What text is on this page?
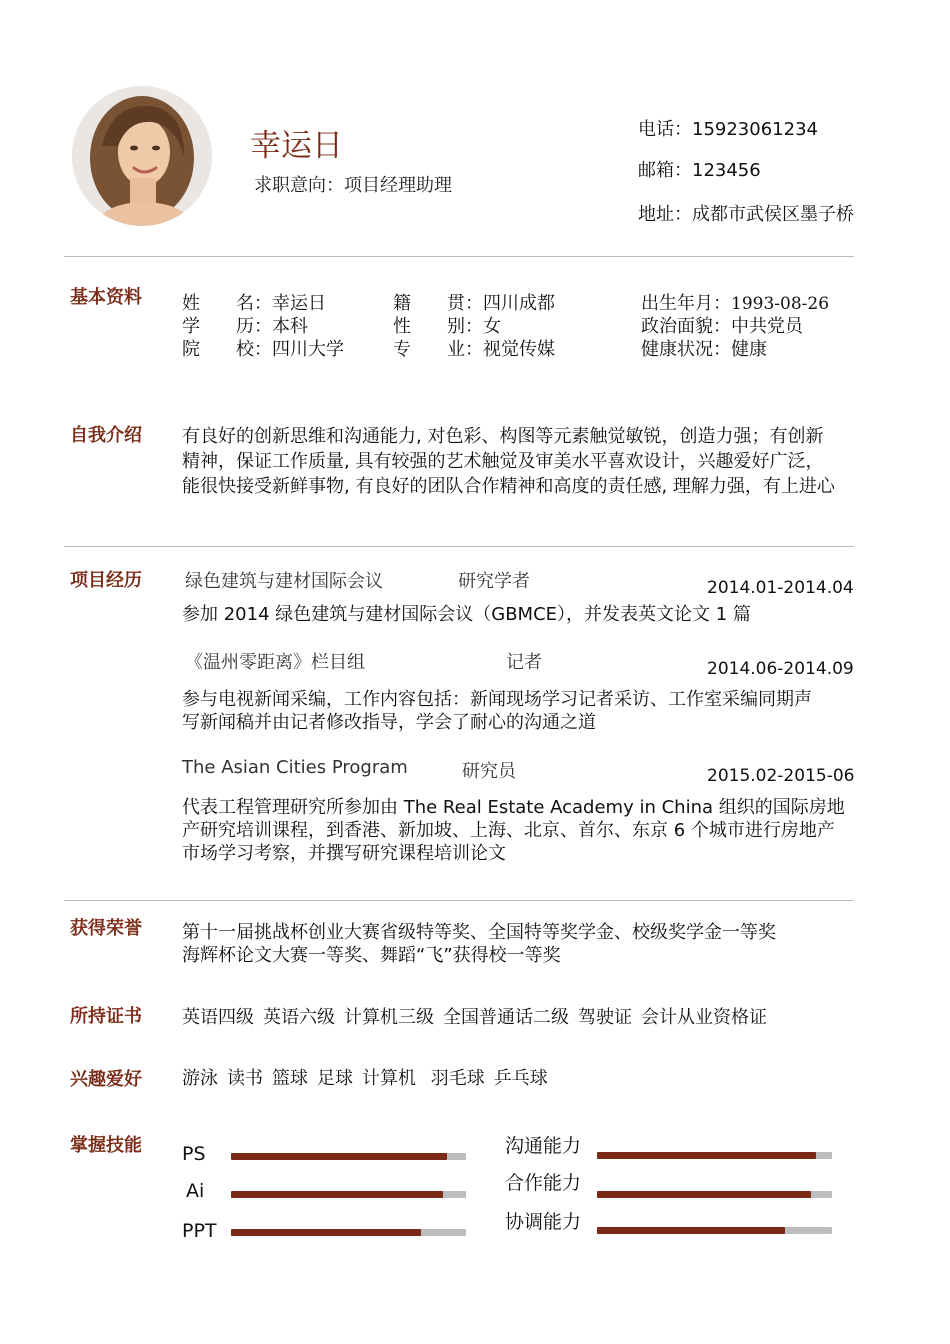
幸运日
求职意向：项目经理助理
电话：15923061234
邮箱：123456
地址：成都市武侯区墨子桥
基本资料 姓　　名：幸运日	籍　　贯：四川成都	出生年月：1993-08-26
学　　历：本科	性　　别：女	政治面貌：中共党员
院　　校：四川大学	专　　业：视觉传媒	健康状况：健康
自我介绍 有良好的创新思维和沟通能力, 对色彩、构图等元素触觉敏锐，创造力强；有创新
精神，保证工作质量, 具有较强的艺术触觉及审美水平喜欢设计，兴趣爱好广泛，
能很快接受新鲜事物, 有良好的团队合作精神和高度的责任感, 理解力强，有上进心
项目经历 绿色建筑与建材国际会议	研究学者	2014.01-2014.04
参加 2014 绿色建筑与建材国际会议（GBMCE），并发表英文论文 1 篇
《温州零距离》栏目组	记者	2014.06-2014.09
参与电视新闻采编，工作内容包括：新闻现场学习记者采访、工作室采编同期声
写新闻稿并由记者修改指导，学会了耐心的沟通之道
The Asian Cities Program	研究员	2015.02-2015-06
代表工程管理研究所参加由 The Real Estate Academy in China 组织的国际房地
产研究培训课程，到香港、新加坡、上海、北京、首尔、东京 6 个城市进行房地产
市场学习考察，并撰写研究课程培训论文
获得荣誉 第十一届挑战杯创业大赛省级特等奖、全国特等奖学金、校级奖学金一等奖
海辉杯论文大赛一等奖、舞蹈“飞”获得校一等奖
所持证书 英语四级 英语六级 计算机三级 全国普通话二级 驾驶证 会计从业资格证
兴趣爱好 游泳 读书 篮球 足球 计算机 羽毛球 乒乓球
掌握技能 PS
Ai
PPT
沟通能力
合作能力
协调能力
